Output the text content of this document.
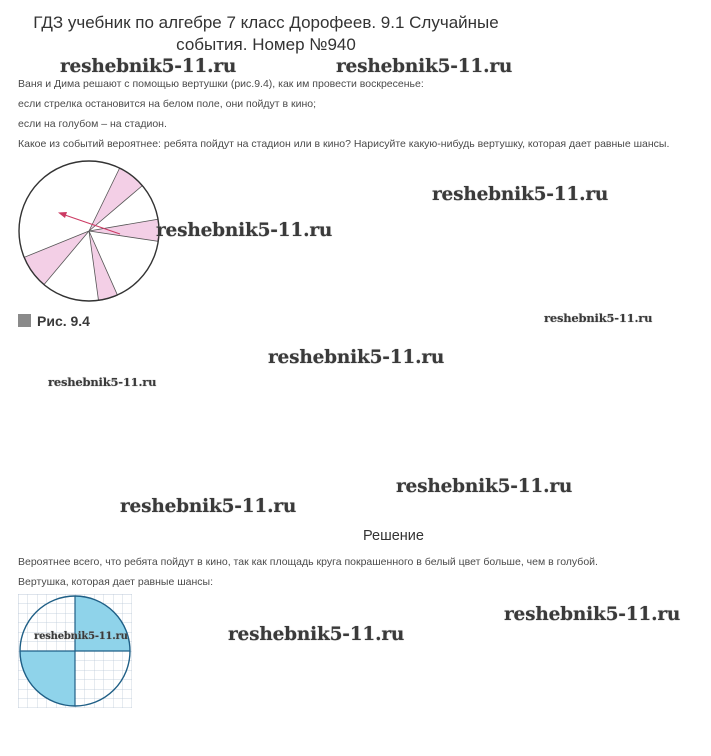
ГДЗ учебник по алгебре 7 класс Дорофеев. 9.1 Случайные
события. Номер №940
Ваня и Дима решают с помощью вертушки (рис.9.4), как им провести воскресенье:
если стрелка остановится на белом поле, они пойдут в кино;
если на голубом – на стадион.
Какое из событий вероятнее: ребята пойдут на стадион или в кино? Нарисуйте какую-нибудь вертушку, которая дает равные шансы.
Рис. 9.4
Решение
Вероятнее всего, что ребята пойдут в кино, так как площадь круга покрашенного в белый цвет больше, чем в голубой.
Вертушка, которая дает равные шансы:
reshebnik5-11.ru	reshebnik5-11.ru
reshebnik5-11.ru
reshebnik5-11.ru
reshebnik5-11.ru
reshebnik5-11.ru
reshebnik5-11.ru
reshebnik5-11.ru
reshebnik5-11.ru
reshebnik5-11.ru
reshebnik5-11.ru
reshebnik5-11.ru
